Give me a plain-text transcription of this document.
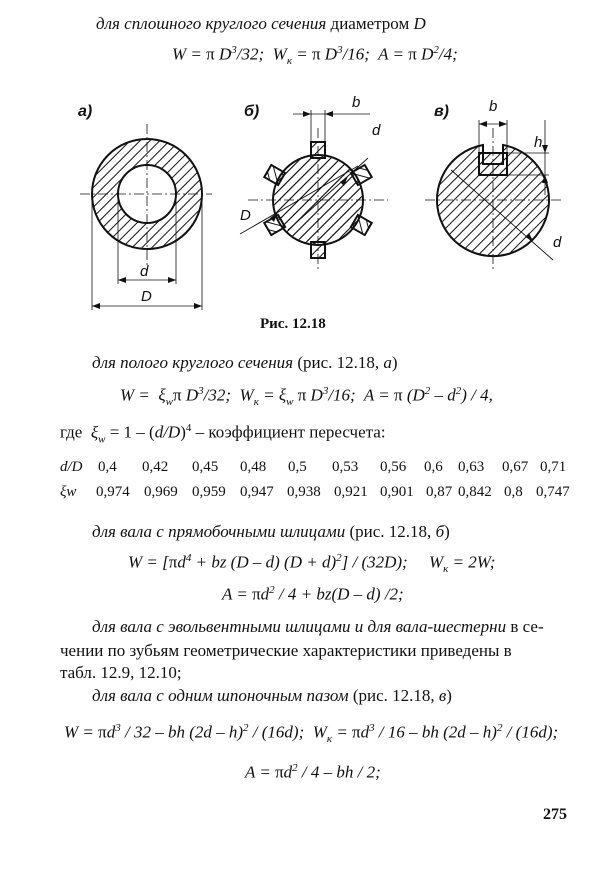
для сплошного круглого сечения диаметром D
W = π $D^3/32$;  $W_к = \pi$ $D^3/16$;  A = π $D^2/4$;
а)	б)	в)
d
D
b
d
D
b
h
d
Рис. 12.18
для полого круглого сечения (рис. 12.18, а)
$W = \xi_w\pi$ $D^3/32$;  $W_к = \xi_w$ π $D^3/16$;  A = π $(D^2 - d^2) / 4$,
где  $\xi_w = 1 - (d/D)^4$ – коэффициент пересчета:
d/D 0,4 0,42 0,45 0,48 0,5 0,53 0,56 0,6 0,63 0,67 0,71
ξw 0,974 0,969 0,959 0,947 0,938 0,921 0,901 0,87 0,842 0,8 0,747
для вала с прямобочными шлицами (рис. 12.18, б)
$W = [\pi d^4$ + bz (D – d) $(D + d)^2] / (32D)$;     $W_к = 2W$;
$A = \pi d^2 / 4 + bz(D - d)$ /2;
для вала с эвольвентными шлицами и для вала-шестерни в се-
чении по зубьям геометрические характеристики приведены в
табл. 12.9, 12.10;
для вала с одним шпоночным пазом (рис. 12.18, в)
$W = \pi d^3 / 32$ – bh (2d – h)$^2$ / (16d);  $W_к = \pi d^3 / 16$ – bh (2d – h)$^2$ / (16d);
$A = \pi d^2 / 4$ – bh / 2;
275
